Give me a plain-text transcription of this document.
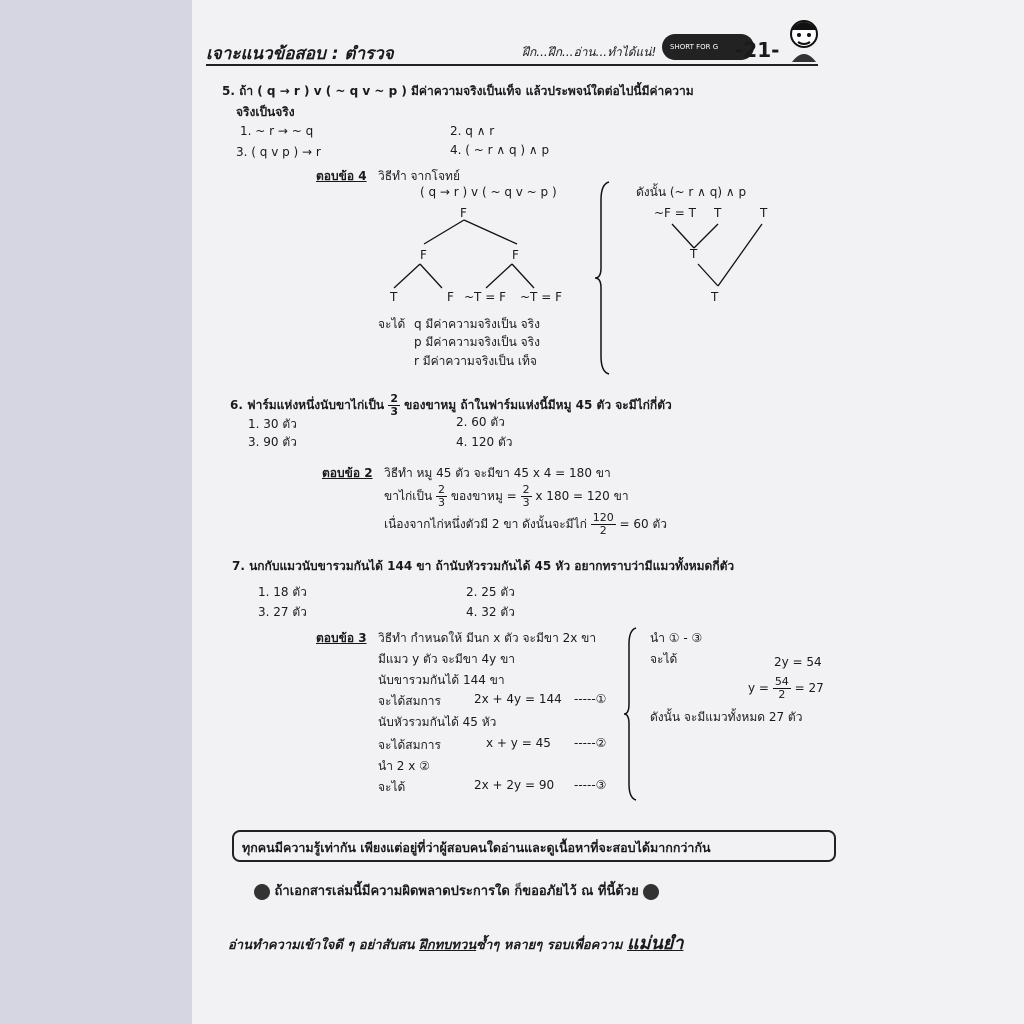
เจาะแนวข้อสอบ : ตำรวจ	ฝึก...ฝึก...อ่าน...ทำได้แน่! SHORT FOR G -21-
5. ถ้า ( q → r ) v ( ~ q v ~ p ) มีค่าความจริงเป็นเท็จ แล้วประพจน์ใดต่อไปนี้มีค่าความ
จริงเป็นจริง
1. ~ r → ~ q	2. q ∧ r
3. ( q v p ) → r	4. ( ~ r ∧ q ) ∧ p
ตอบข้อ 4 วิธีทำ จากโจทย์
( q → r ) v ( ~ q v ~ p )
F
F	F
T	F ~T = F ~T = F
จะได้ q มีค่าความจริงเป็น จริง
p มีค่าความจริงเป็น จริง
r มีค่าความจริงเป็น เท็จ
ดังนั้น (~ r ∧ q) ∧ p
~F = T T	T
T
T
6. ฟาร์มแห่งหนึ่งนับขาไก่เป็น $\frac{2}{3}$ ของขาหมู ถ้าในฟาร์มแห่งนี้มีหมู 45 ตัว จะมีไก่กี่ตัว
1. 30 ตัว	2. 60 ตัว
3. 90 ตัว	4. 120 ตัว
ตอบข้อ 2 วิธีทำ หมู 45 ตัว จะมีขา 45 x 4 = 180 ขา
ขาไก่เป็น $\frac{2}{3}$ ของขาหมู = $\frac{2}{3}$ x 180 = 120 ขา
เนื่องจากไก่หนึ่งตัวมี 2 ขา ดังนั้นจะมีไก่ $\frac{120}{2} = 60$ ตัว
7. นกกับแมวนับขารวมกันได้ 144 ขา ถ้านับหัวรวมกันได้ 45 หัว อยากทราบว่ามีแมวทั้งหมดกี่ตัว
1. 18 ตัว	2. 25 ตัว
3. 27 ตัว	4. 32 ตัว
ตอบข้อ 3 วิธีทำ กำหนดให้ มีนก x ตัว จะมีขา 2x ขา
มีแมว y ตัว จะมีขา 4y ขา
นับขารวมกันได้ 144 ขา
จะได้สมการ	2x + 4y = 144 -----①
นับหัวรวมกันได้ 45 หัว
จะได้สมการ	x + y = 45 -----②
นำ 2 x ②
จะได้	2x + 2y = 90 -----③
นำ ① - ③
จะได้	2y = 54
$y = \frac{54}{2} = 27$
ดังนั้น จะมีแมวทั้งหมด 27 ตัว
ทุกคนมีความรู้เท่ากัน เพียงแต่อยู่ที่ว่าผู้สอบคนใดอ่านและดูเนื้อหาที่จะสอบได้มากกว่ากัน
ถ้าเอกสารเล่มนี้มีความผิดพลาดประการใด ก็ขออภัยไว้ ณ ที่นี้ด้วย
อ่านทำความเข้าใจดี ๆ อย่าสับสน ฝึกทบทวนซ้ำๆ หลายๆ รอบเพื่อความ แม่นยำ
